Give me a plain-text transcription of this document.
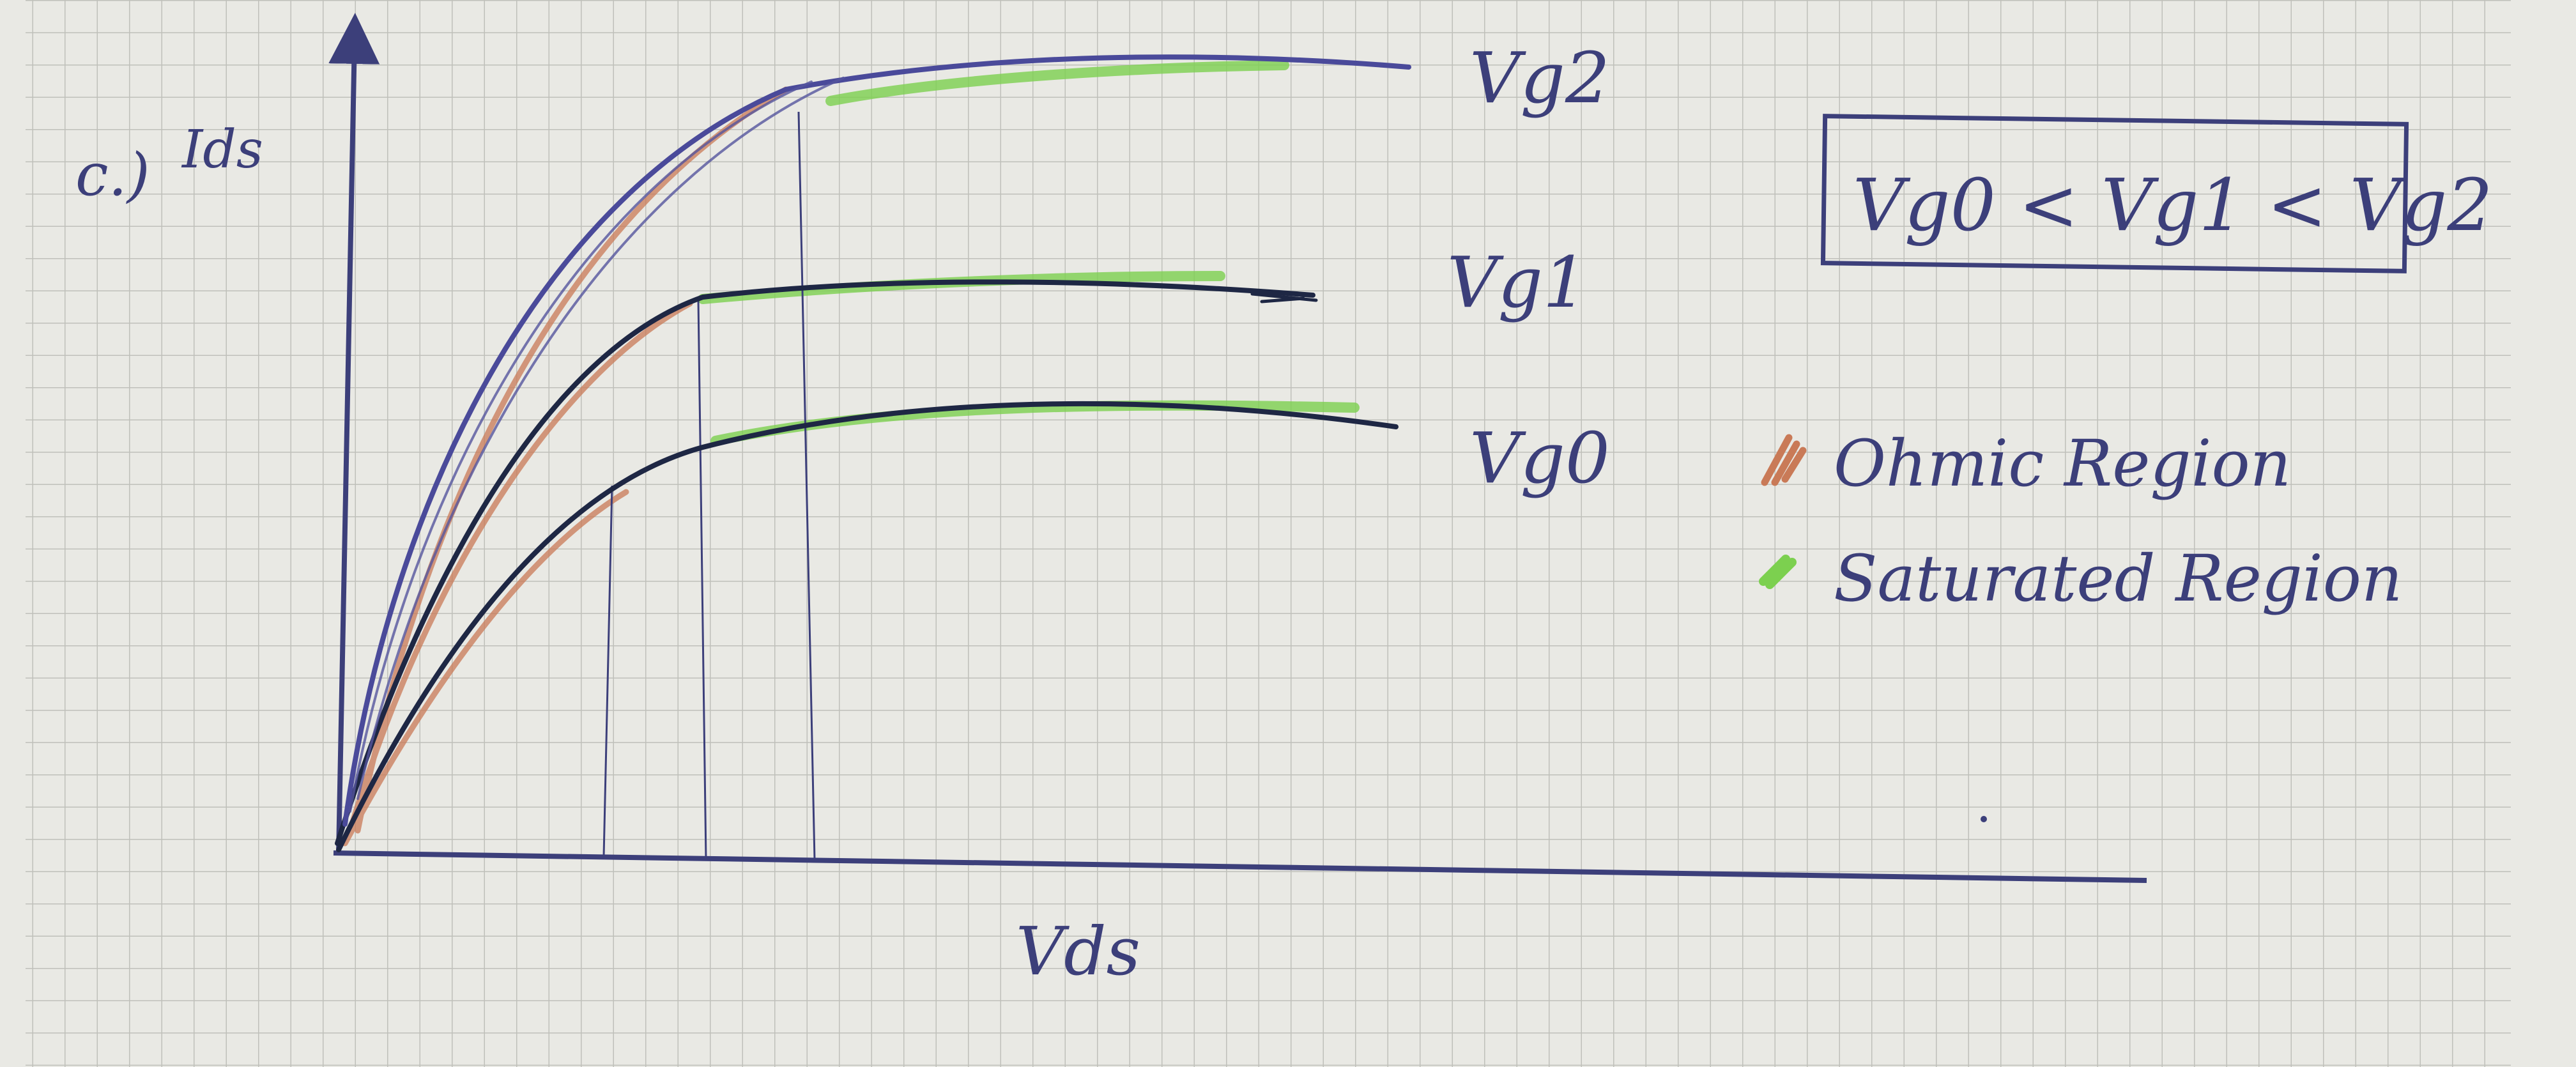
c.) Ids
Vds
Vg2
Vg1
Vg0
Vg0 < Vg1 < Vg2
Ohmic Region
Saturated Region
